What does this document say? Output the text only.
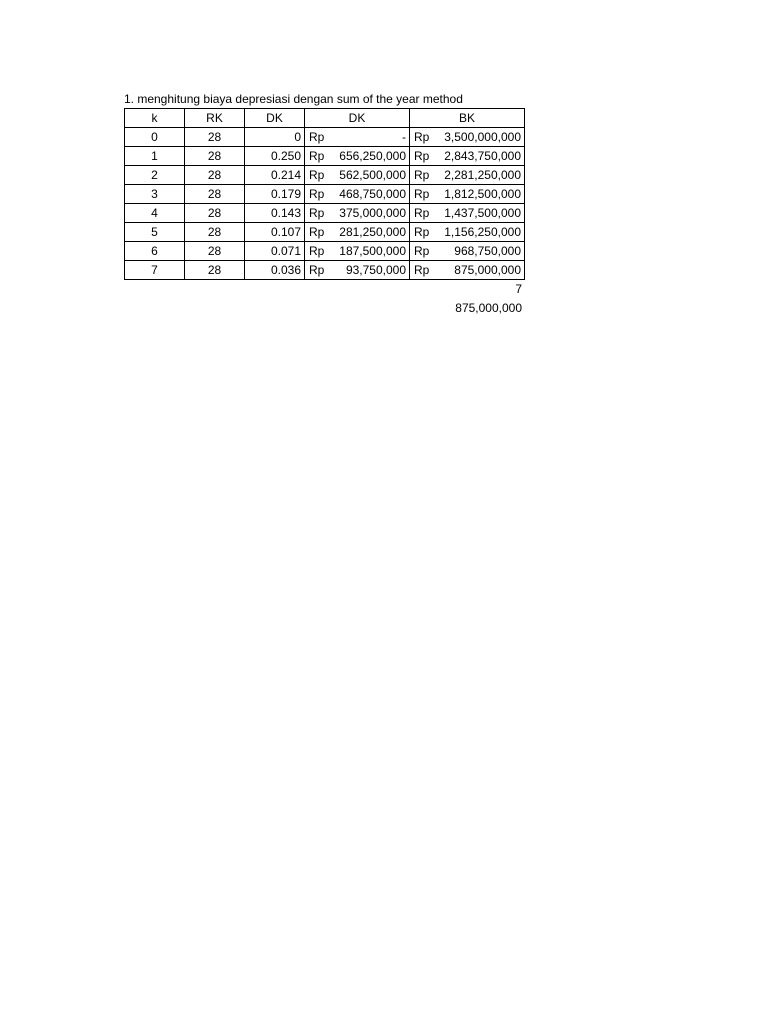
1. menghitung biaya depresiasi dengan sum of the year method
k	RK	DK	DK	BK
0	28	0	Rp -	Rp 3,500,000,000

1	28	0.250	Rp 656,250,000	Rp 2,843,750,000

2	28	0.214	Rp 562,500,000	Rp 2,281,250,000

3	28	0.179	Rp 468,750,000	Rp 1,812,500,000

4	28	0.143	Rp 375,000,000	Rp 1,437,500,000

5	28	0.107	Rp 281,250,000	Rp 1,156,250,000

6	28	0.071	Rp 187,500,000	Rp 968,750,000

7	28	0.036	Rp 93,750,000	Rp 875,000,000
7
875,000,000
